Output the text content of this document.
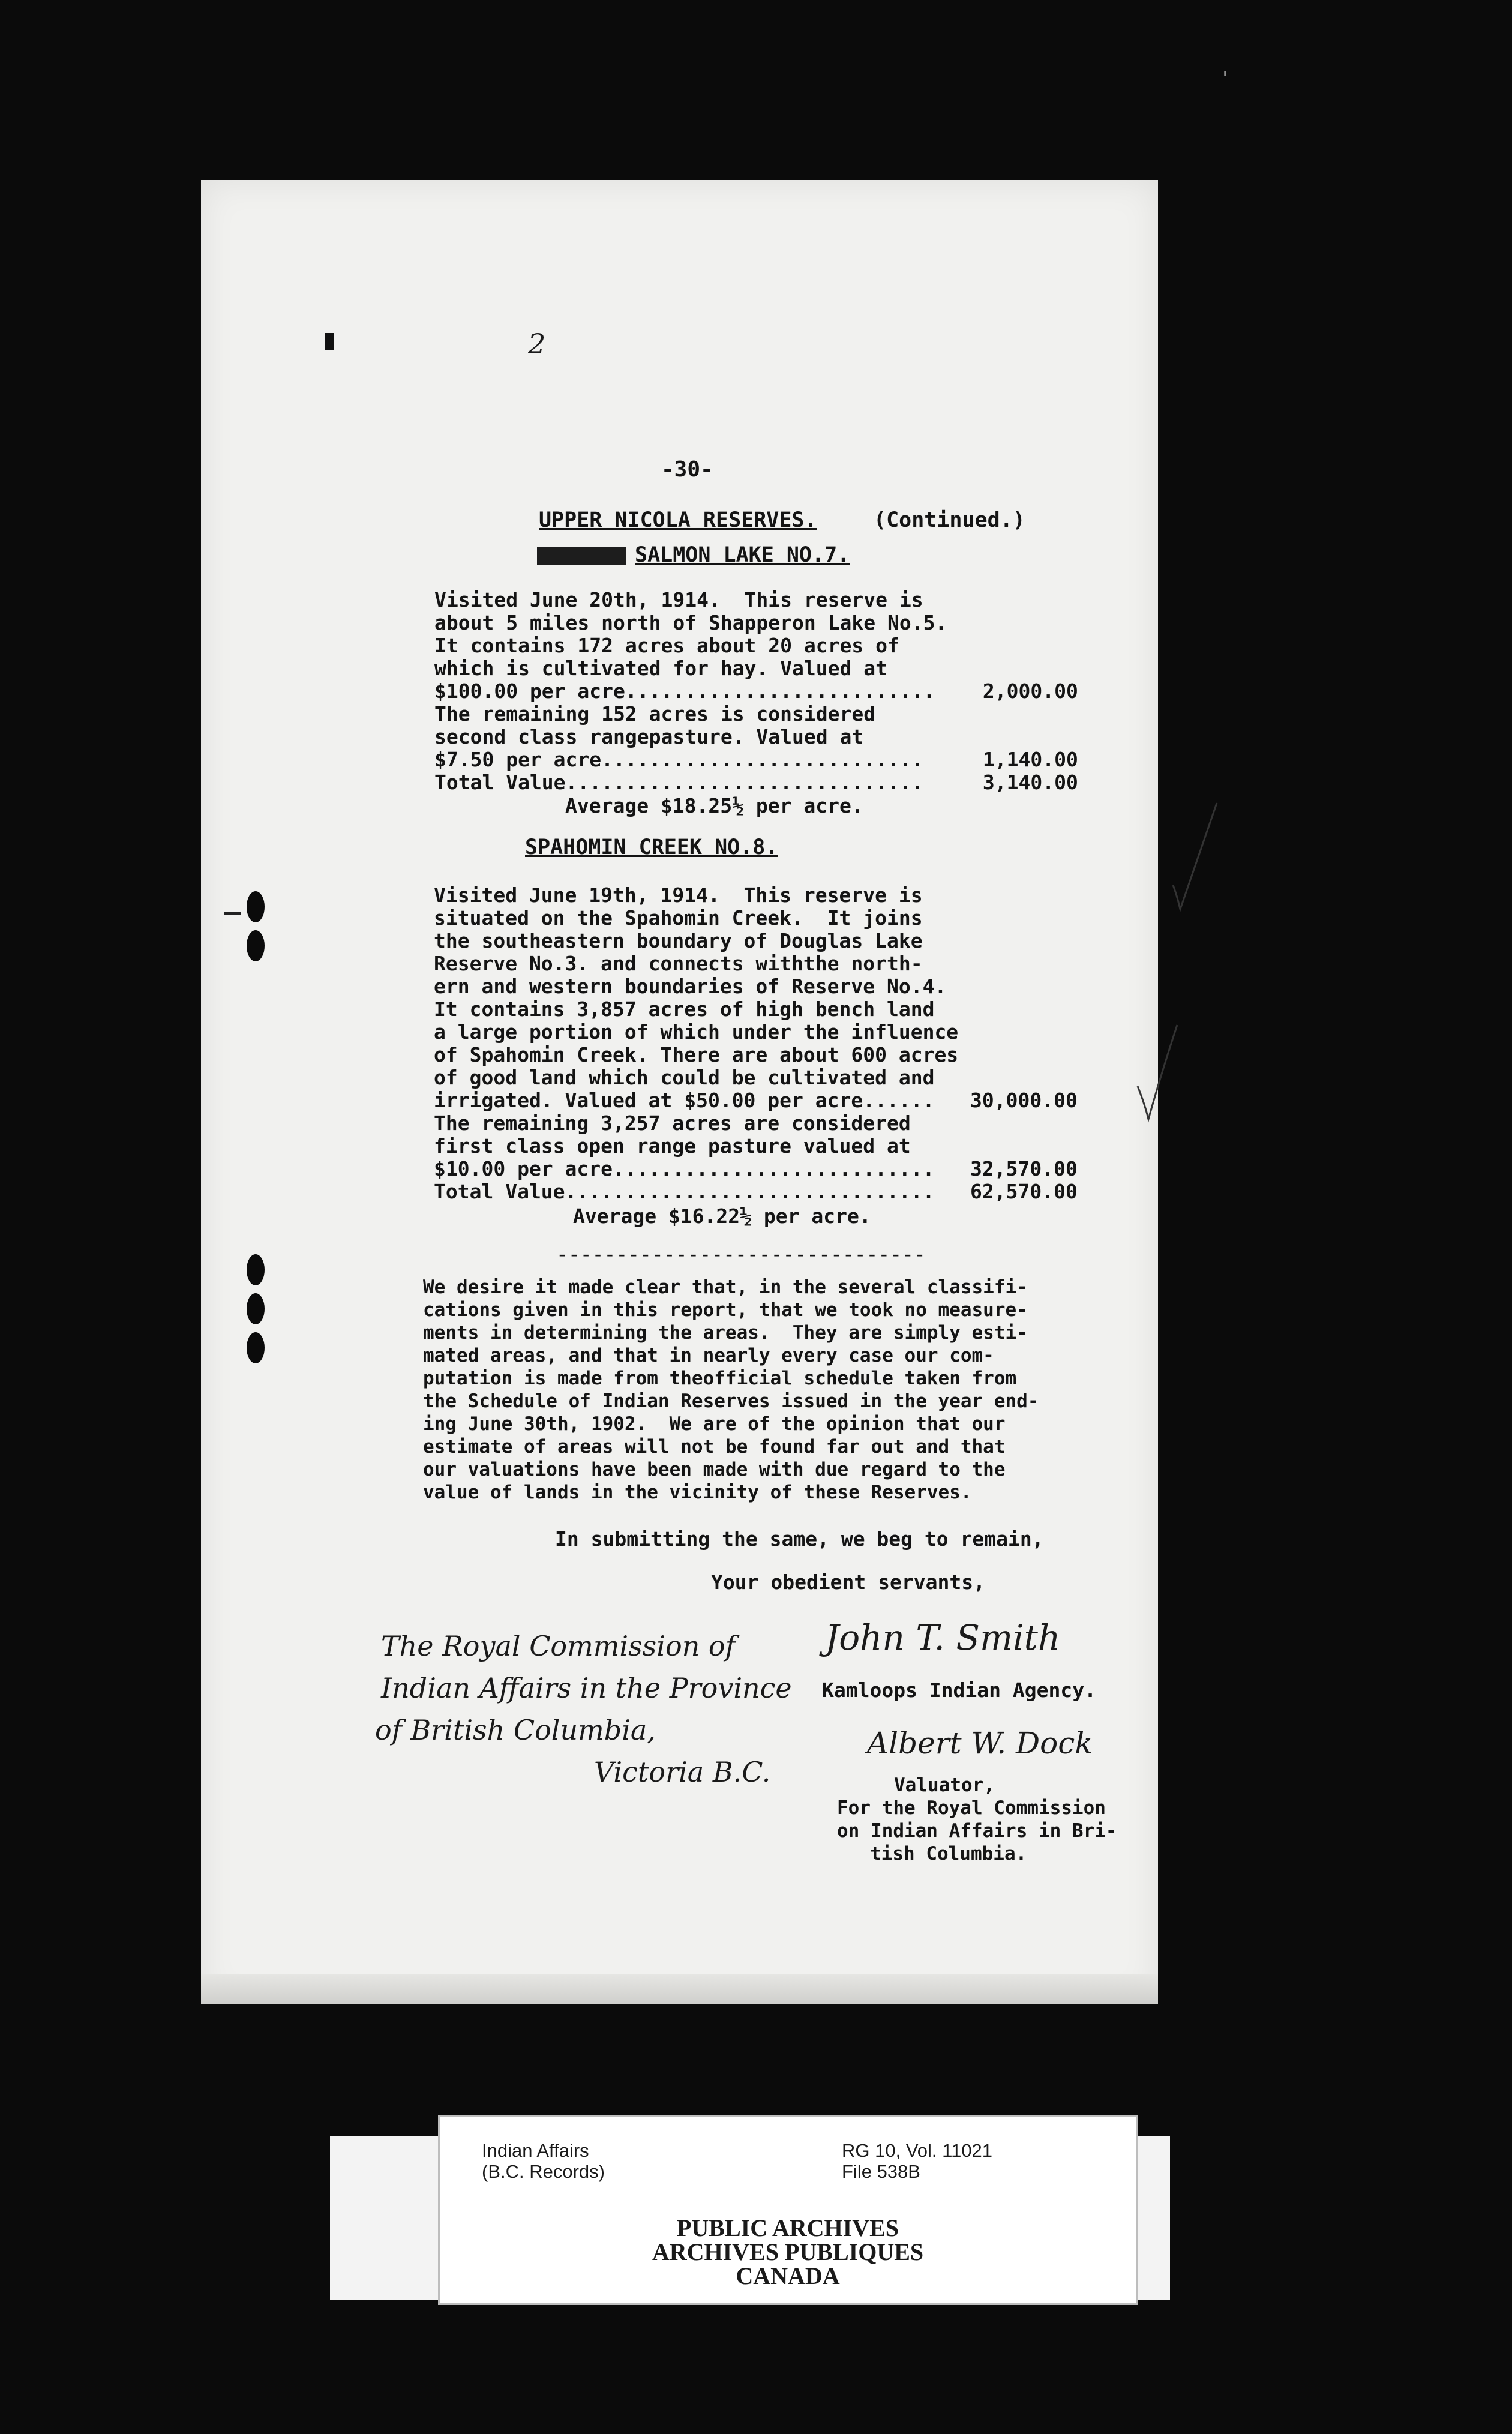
'
2

-30-

UPPER NICOLA RESERVES.	(Continued.)

SALMON LAKE NO.7.

Visited June 20th, 1914.  This reserve is

about 5 miles north of Shapperon Lake No.5.

It contains 172 acres about 20 acres of

which is cultivated for hay. Valued at

$100.00 per acre..........................    2,000.00

The remaining 152 acres is considered

second class rangepasture. Valued at

$7.50 per acre...........................     1,140.00

Total Value..............................     3,140.00

Average $18.25½ per acre.

SPAHOMIN CREEK NO.8.

Visited June 19th, 1914.  This reserve is

situated on the Spahomin Creek.  It joins

the southeastern boundary of Douglas Lake

Reserve No.3. and connects withthe north-

ern and western boundaries of Reserve No.4.

It contains 3,857 acres of high bench land

a large portion of which under the influence

of Spahomin Creek. There are about 600 acres

of good land which could be cultivated and

irrigated. Valued at $50.00 per acre......   30,000.00

The remaining 3,257 acres are considered

first class open range pasture valued at

$10.00 per acre...........................   32,570.00

Total Value...............................   62,570.00

Average $16.22½ per acre.

-------------------------------

We desire it made clear that, in the several classifi-

cations given in this report, that we took no measure-

ments in determining the areas.  They are simply esti-

mated areas, and that in nearly every case our com-

putation is made from theofficial schedule taken from

the Schedule of Indian Reserves issued in the year end-

ing June 30th, 1902.  We are of the opinion that our

estimate of areas will not be found far out and that

our valuations have been made with due regard to the

value of lands in the vicinity of these Reserves.

In submitting the same, we beg to remain,

Your obedient servants,

The Royal Commission of
Indian Affairs in the Province
of British Columbia,
Victoria B.C.
John T. Smith

Kamloops Indian Agency.

Albert W. Dock

Valuator,

For the Royal Commission

on Indian Affairs in Bri-

tish Columbia.

Indian Affairs
(B.C. Records)
RG 10, Vol. 11021
File 538B
PUBLIC ARCHIVES
ARCHIVES PUBLIQUES
CANADA
